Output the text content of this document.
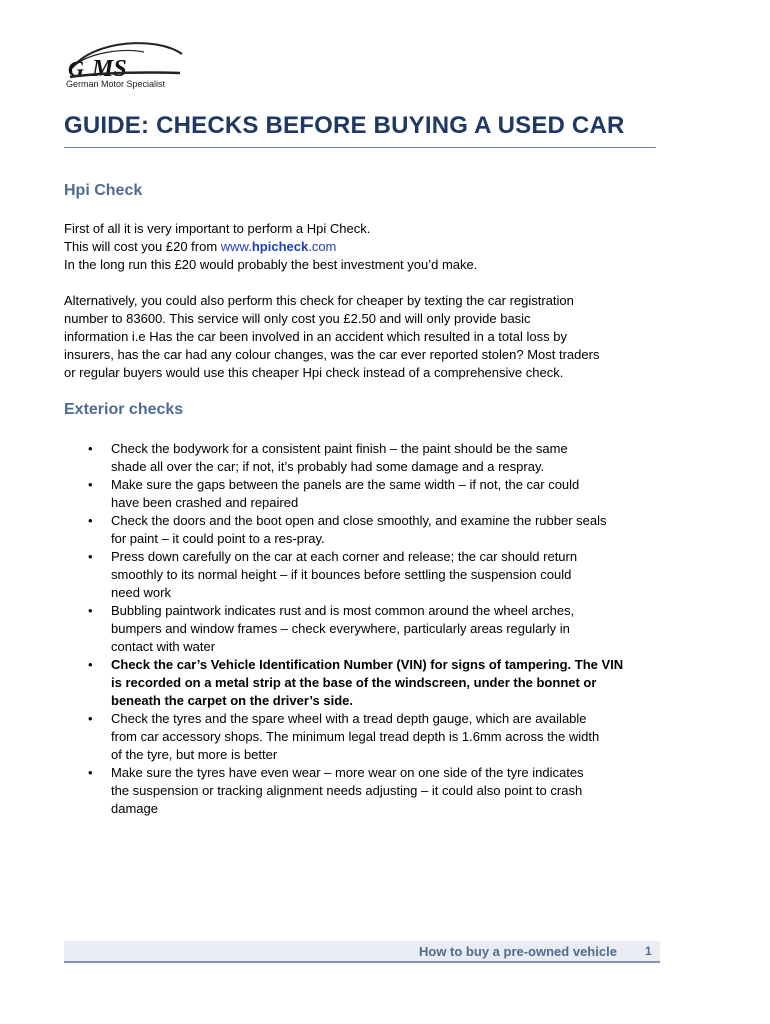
G MS
German Motor Specialist
GUIDE: CHECKS BEFORE BUYING A USED CAR
Hpi Check

First of all it is very important to perform a Hpi Check.
This will cost you £20 from www.hpicheck.com
In the long run this £20 would probably the best investment you’d make.

Alternatively, you could also perform this check for cheaper by texting the car registration
number to 83600. This service will only cost you £2.50 and will only provide basic
information i.e Has the car been involved in an accident which resulted in a total loss by
insurers, has the car had any colour changes, was the car ever reported stolen? Most traders
or regular buyers would use this cheaper Hpi check instead of a comprehensive check.

Exterior checks
• Check the bodywork for a consistent paint finish – the paint should be the same
shade all over the car; if not, it’s probably had some damage and a respray.
• Make sure the gaps between the panels are the same width – if not, the car could
have been crashed and repaired
• Check the doors and the boot open and close smoothly, and examine the rubber seals
for paint – it could point to a res-pray.
• Press down carefully on the car at each corner and release; the car should return
smoothly to its normal height – if it bounces before settling the suspension could
need work
• Bubbling paintwork indicates rust and is most common around the wheel arches,
bumpers and window frames – check everywhere, particularly areas regularly in
contact with water
• Check the car’s Vehicle Identification Number (VIN) for signs of tampering. The VIN
is recorded on a metal strip at the base of the windscreen, under the bonnet or
beneath the carpet on the driver’s side.
• Check the tyres and the spare wheel with a tread depth gauge, which are available
from car accessory shops. The minimum legal tread depth is 1.6mm across the width
of the tyre, but more is better
• Make sure the tyres have even wear – more wear on one side of the tyre indicates
the suspension or tracking alignment needs adjusting – it could also point to crash
damage
How to buy a pre-owned vehicle 1
